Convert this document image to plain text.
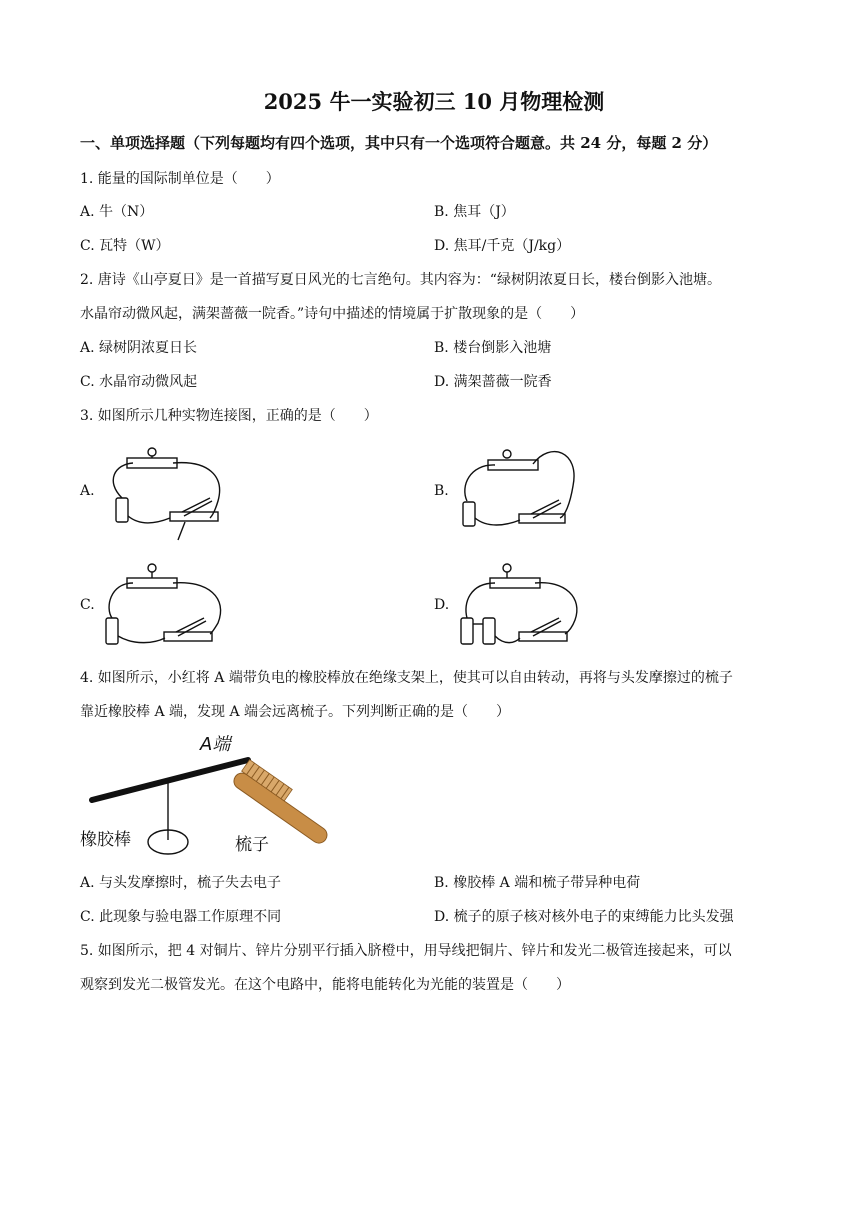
2025 牛一实验初三 10 月物理检测
一、单项选择题（下列每题均有四个选项，其中只有一个选项符合题意。共 24 分，每题 2 分）
1. 能量的国际制单位是（　　）
A. 牛（N）	B. 焦耳（J）
C. 瓦特（W）	D. 焦耳/千克（J/kg）
2. 唐诗《山亭夏日》是一首描写夏日风光的七言绝句。其内容为：“绿树阴浓夏日长，楼台倒影入池塘。
水晶帘动微风起，满架蔷薇一院香。”诗句中描述的情境属于扩散现象的是（　　）
A. 绿树阴浓夏日长	B. 楼台倒影入池塘
C. 水晶帘动微风起	D. 满架蔷薇一院香
3. 如图所示几种实物连接图，正确的是（　　）
A.	B.
C.	D.
4. 如图所示，小红将 A 端带负电的橡胶棒放在绝缘支架上，使其可以自由转动，再将与头发摩擦过的梳子
靠近橡胶棒 A 端，发现 A 端会远离梳子。下列判断正确的是（　　）
A端
橡胶棒	梳子
A. 与头发摩擦时，梳子失去电子	B. 橡胶棒 A 端和梳子带异种电荷
C. 此现象与验电器工作原理不同	D. 梳子的原子核对核外电子的束缚能力比头发强
5. 如图所示，把 4 对铜片、锌片分别平行插入脐橙中，用导线把铜片、锌片和发光二极管连接起来，可以
观察到发光二极管发光。在这个电路中，能将电能转化为光能的装置是（　　）
